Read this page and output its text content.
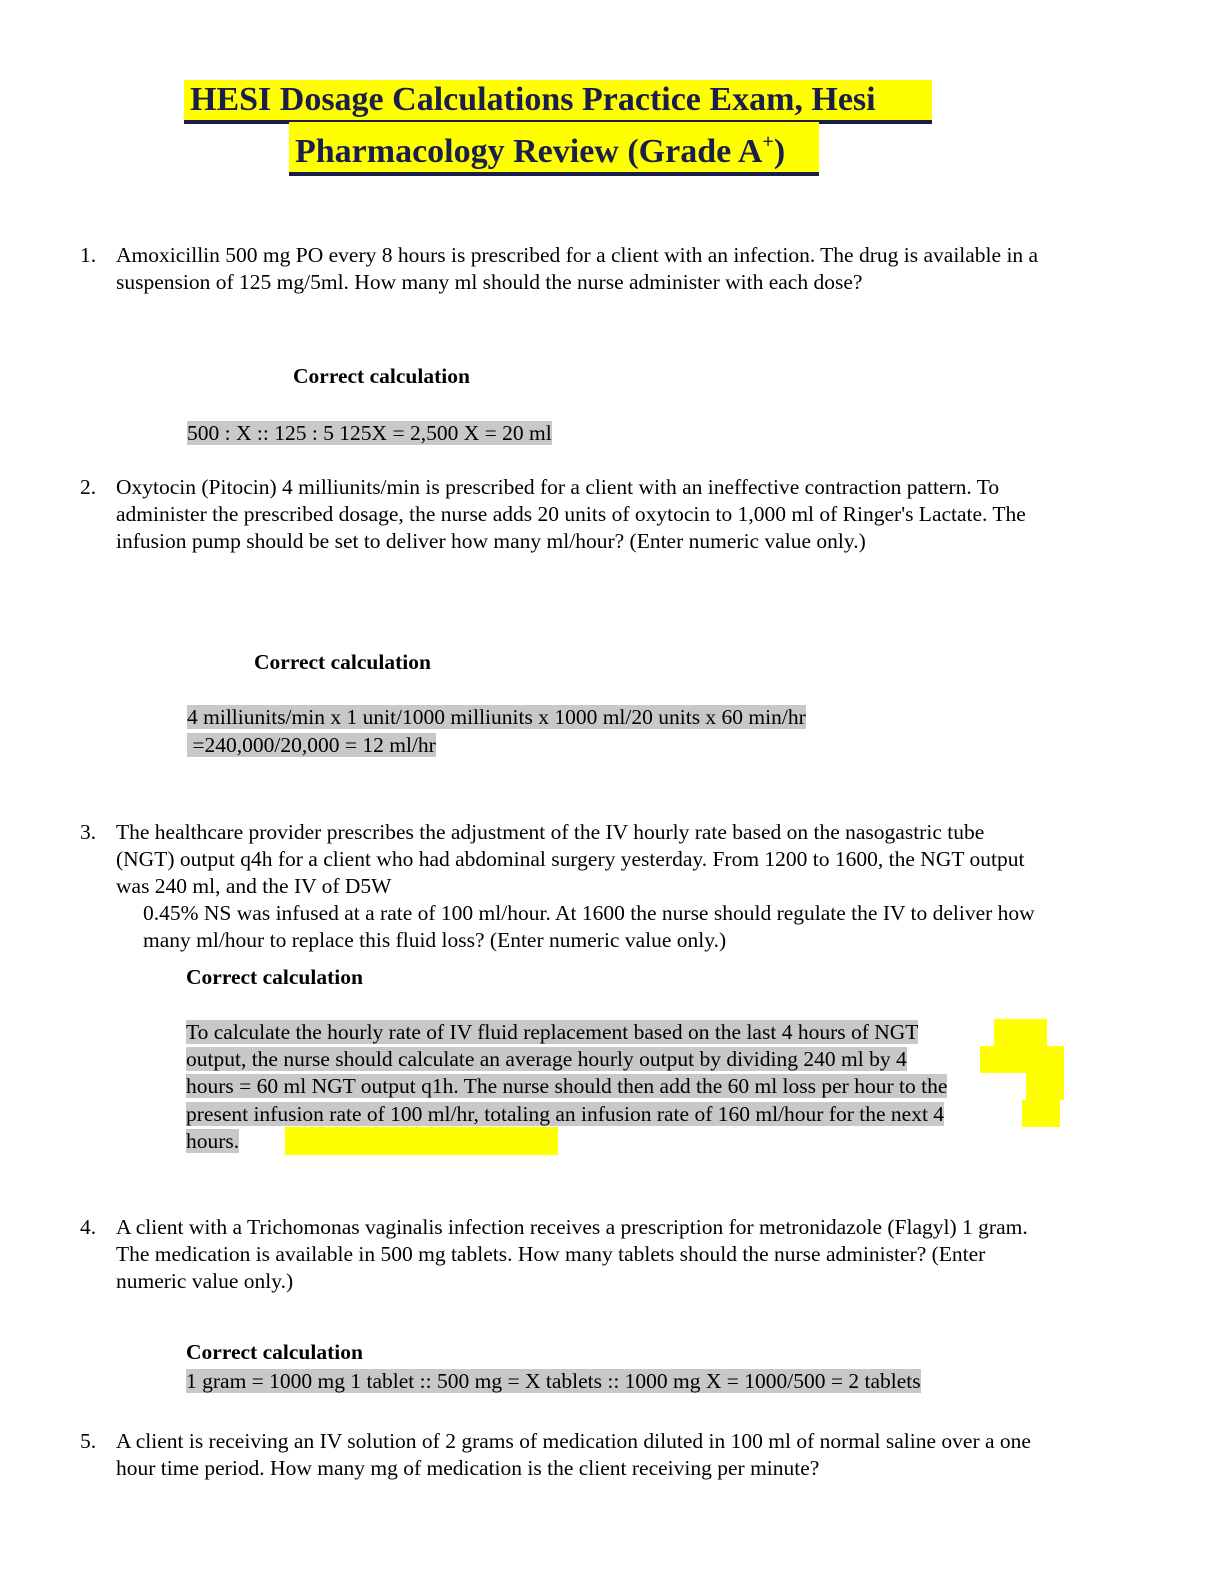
HESI Dosage Calculations Practice Exam, Hesi
Pharmacology Review (Grade A+)
1. Amoxicillin 500 mg PO every 8 hours is prescribed for a client with an infection. The drug is available in a suspension of 125 mg/5ml. How many ml should the nurse administer with each dose?
Correct calculation
500 : X :: 125 : 5 125X = 2,500 X = 20 ml
2. Oxytocin (Pitocin) 4 milliunits/min is prescribed for a client with an ineffective contraction pattern. To administer the prescribed dosage, the nurse adds 20 units of oxytocin to 1,000 ml of Ringer's Lactate. The infusion pump should be set to deliver how many ml/hour? (Enter numeric value only.)
Correct calculation
4 milliunits/min x 1 unit/1000 milliunits x 1000 ml/20 units x 60 min/hr
=240,000/20,000 = 12 ml/hr
3. The healthcare provider prescribes the adjustment of the IV hourly rate based on the nasogastric tube (NGT) output q4h for a client who had abdominal surgery yesterday. From 1200 to 1600, the NGT output was 240 ml, and the IV of D5W
0.45% NS was infused at a rate of 100 ml/hour. At 1600 the nurse should regulate the IV to deliver how many ml/hour to replace this fluid loss? (Enter numeric value only.)
Correct calculation
To calculate the hourly rate of IV fluid replacement based on the last 4 hours of NGT
output, the nurse should calculate an average hourly output by dividing 240 ml by 4
hours = 60 ml NGT output q1h. The nurse should then add the 60 ml loss per hour to the
present infusion rate of 100 ml/hr, totaling an infusion rate of 160 ml/hour for the next 4
hours.
4. A client with a Trichomonas vaginalis infection receives a prescription for metronidazole (Flagyl) 1 gram. The medication is available in 500 mg tablets. How many tablets should the nurse administer? (Enter numeric value only.)
Correct calculation
1 gram = 1000 mg 1 tablet :: 500 mg = X tablets :: 1000 mg X = 1000/500 = 2 tablets
5. A client is receiving an IV solution of 2 grams of medication diluted in 100 ml of normal saline over a one hour time period. How many mg of medication is the client receiving per minute?
